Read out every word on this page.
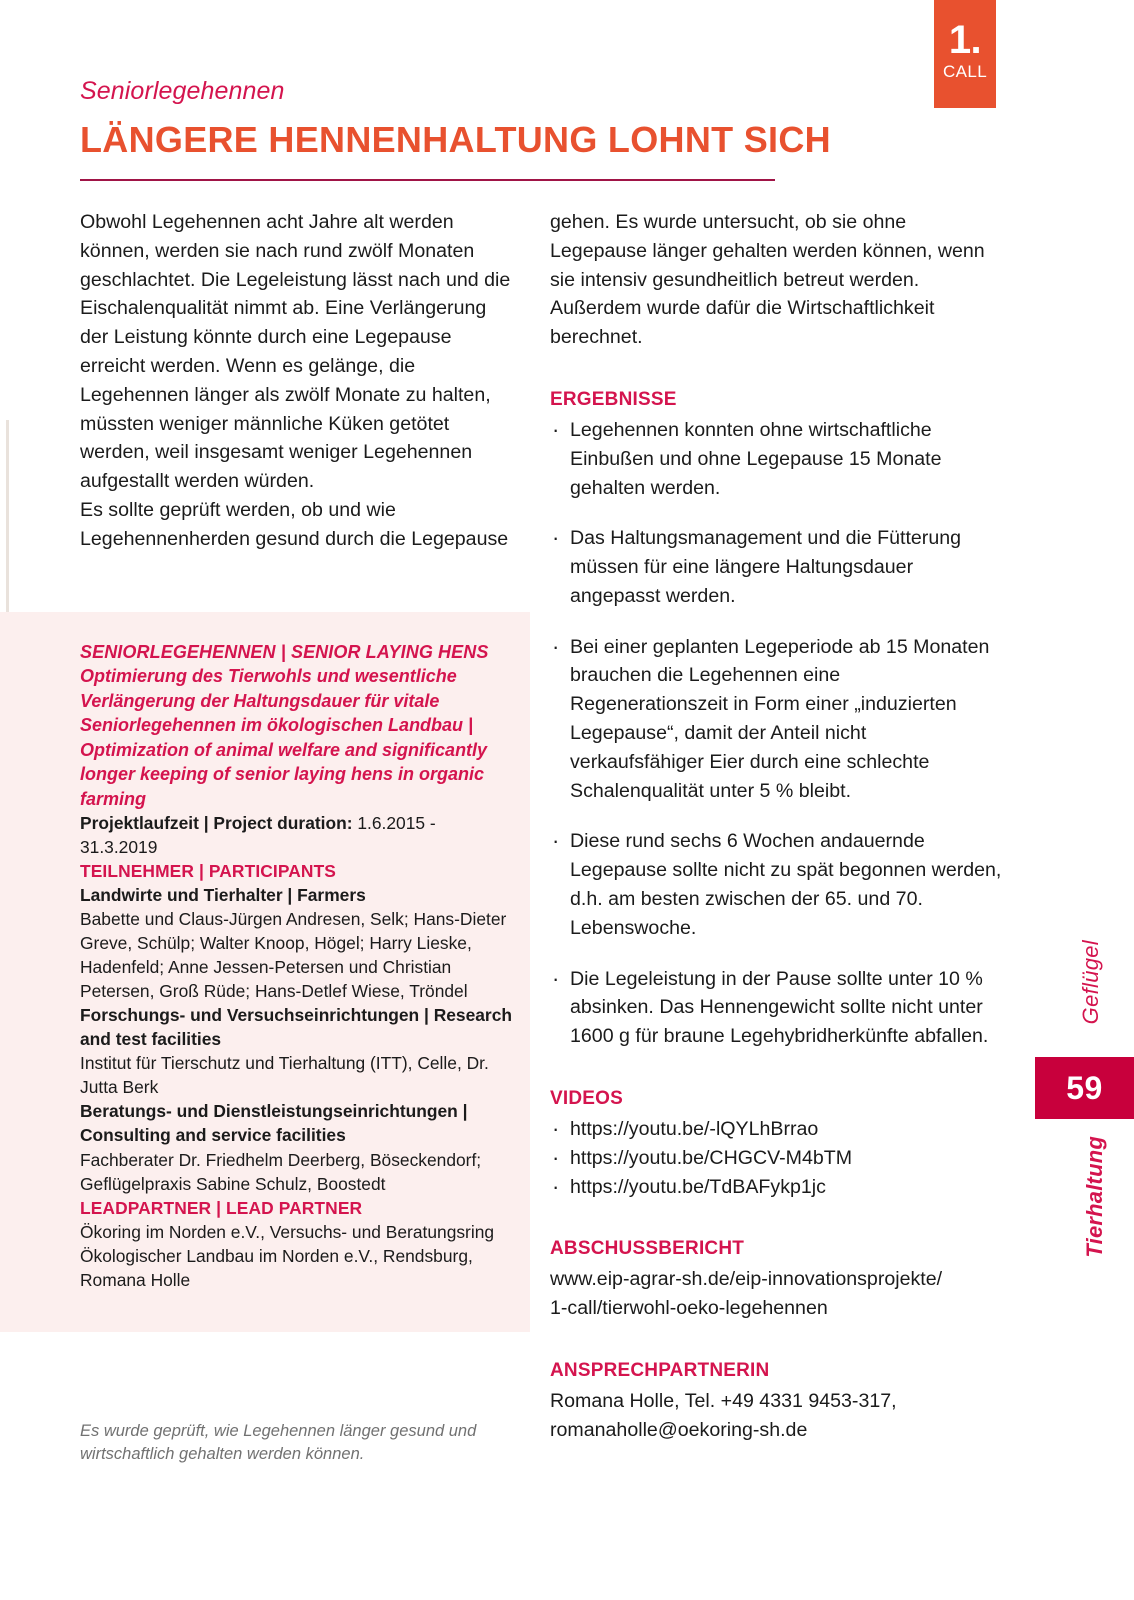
1.
CALL
Seniorlegehennen
LÄNGERE HENNENHALTUNG LOHNT SICH

Obwohl Legehennen acht Jahre alt werden können, werden sie nach rund zwölf Monaten geschlachtet. Die Legeleistung lässt nach und die Eischalenqualität nimmt ab. Eine Verlängerung der Leistung könnte durch eine Legepause erreicht werden. Wenn es gelänge, die Legehennen länger als zwölf Monate zu halten, müssten weniger männliche Küken getötet werden, weil insgesamt weniger Legehennen aufgestallt werden würden.

Es sollte geprüft werden, ob und wie Legehennenherden gesund durch die Legepause

SENIORLEGEHENNEN | SENIOR LAYING HENS
Optimierung des Tierwohls und wesentliche Verlängerung der Haltungsdauer für vitale Seniorlegehennen im ökologischen Landbau | Optimization of animal welfare and significantly longer keeping of senior laying hens in organic farming
Projektlaufzeit | Project duration: 1.6.2015 - 31.3.2019
TEILNEHMER | PARTICIPANTS
Landwirte und Tierhalter | Farmers
Babette und Claus-Jürgen Andresen, Selk; Hans-Dieter Greve, Schülp; Walter Knoop, Högel; Harry Lieske, Hadenfeld; Anne Jessen-Petersen und Christian Petersen, Groß Rüde; Hans-Detlef Wiese, Tröndel
Forschungs- und Versuchseinrichtungen | Research and test facilities
Institut für Tierschutz und Tierhaltung (ITT), Celle, Dr. Jutta Berk
Beratungs- und Dienstleistungseinrichtungen | Consulting and service facilities
Fachberater Dr. Friedhelm Deerberg, Böseckendorf; Geflügelpraxis Sabine Schulz, Boostedt
LEADPARTNER | LEAD PARTNER
Ökoring im Norden e.V., Versuchs- und Beratungsring Ökologischer Landbau im Norden e.V., Rendsburg, Romana Holle
Es wurde geprüft, wie Legehennen länger gesund und wirtschaftlich gehalten werden können.

gehen. Es wurde untersucht, ob sie ohne Legepause länger gehalten werden können, wenn sie intensiv gesundheitlich betreut werden. Außerdem wurde dafür die Wirtschaftlichkeit berechnet.

ERGEBNISSE
· Legehennen konnten ohne wirtschaftliche Einbußen und ohne Legepause 15 Monate gehalten werden.
· Das Haltungsmanagement und die Fütterung müssen für eine längere Haltungsdauer angepasst werden.
· Bei einer geplanten Legeperiode ab 15 Monaten brauchen die Legehennen eine Regenerationszeit in Form einer „induzierten Legepause“, damit der Anteil nicht verkaufsfähiger Eier durch eine schlechte Schalenqualität unter 5 % bleibt.
· Diese rund sechs 6 Wochen andauernde Legepause sollte nicht zu spät begonnen werden, d.h. am besten zwischen der 65. und 70. Lebenswoche.
· Die Legeleistung in der Pause sollte unter 10 % absinken. Das Hennengewicht sollte nicht unter 1600 g für braune Legehybridherkünfte abfallen.
VIDEOS
· https://youtu.be/-lQYLhBrrao
· https://youtu.be/CHGCV-M4bTM
· https://youtu.be/TdBAFykp1jc
ABSCHUSSBERICHT
www.eip-agrar-sh.de/eip-innovationsprojekte/
1-call/tierwohl-oeko-legehennen
ANSPRECHPARTNERIN
Romana Holle, Tel. +49 4331 9453-317,
romanaholle@oekoring-sh.de
Geflügel
59
Tierhaltung
